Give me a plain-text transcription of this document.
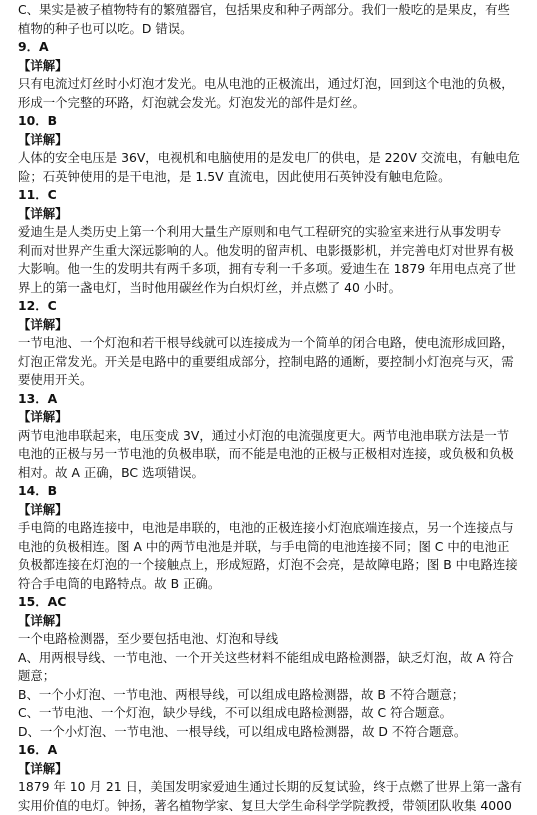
C、果实是被子植物特有的繁殖器官，包括果皮和种子两部分。我们一般吃的是果皮，有些
植物的种子也可以吃。D 错误。
9．A
【详解】
只有电流过灯丝时小灯泡才发光。电从电池的正极流出，通过灯泡，回到这个电池的负极，
形成一个完整的环路，灯泡就会发光。灯泡发光的部件是灯丝。
10．B
【详解】
人体的安全电压是 36V，电视机和电脑使用的是发电厂的供电，是 220V 交流电，有触电危
险；石英钟使用的是干电池，是 1.5V 直流电，因此使用石英钟没有触电危险。
11．C
【详解】
爱迪生是人类历史上第一个利用大量生产原则和电气工程研究的实验室来进行从事发明专
利而对世界产生重大深远影响的人。他发明的留声机、电影摄影机，并完善电灯对世界有极
大影响。他一生的发明共有两千多项，拥有专利一千多项。爱迪生在 1879 年用电点亮了世
界上的第一盏电灯，当时他用碳丝作为白炽灯丝，并点燃了 40 小时。
12．C
【详解】
一节电池、一个灯泡和若干根导线就可以连接成为一个简单的闭合电路，使电流形成回路，
灯泡正常发光。开关是电路中的重要组成部分，控制电路的通断，要控制小灯泡亮与灭，需
要使用开关。
13．A
【详解】
两节电池串联起来，电压变成 3V，通过小灯泡的电流强度更大。两节电池串联方法是一节
电池的正极与另一节电池的负极串联，而不能是电池的正极与正极相对连接，或负极和负极
相对。故 A 正确，BC 选项错误。
14．B
【详解】
手电筒的电路连接中，电池是串联的，电池的正极连接小灯泡底端连接点，另一个连接点与
电池的负极相连。图 A 中的两节电池是并联，与手电筒的电池连接不同；图 C 中的电池正
负极都连接在灯泡的一个接触点上，形成短路，灯泡不会亮，是故障电路；图 B 中电路连接
符合手电筒的电路特点。故 B 正确。
15．AC
【详解】
一个电路检测器，至少要包括电池、灯泡和导线
A、用两根导线、一节电池、一个开关这些材料不能组成电路检测器，缺乏灯泡，故 A 符合
题意；
B、一个小灯泡、一节电池、两根导线，可以组成电路检测器，故 B 不符合题意；
C、一节电池、一个灯泡，缺少导线，不可以组成电路检测器，故 C 符合题意。
D、一个小灯泡、一节电池、一根导线，可以组成电路检测器，故 D 不符合题意。
16．A
【详解】
1879 年 10 月 21 日，美国发明家爱迪生通过长期的反复试验，终于点燃了世界上第一盏有
实用价值的电灯。钟扬，著名植物学家、复旦大学生命科学学院教授，带领团队收集 4000
